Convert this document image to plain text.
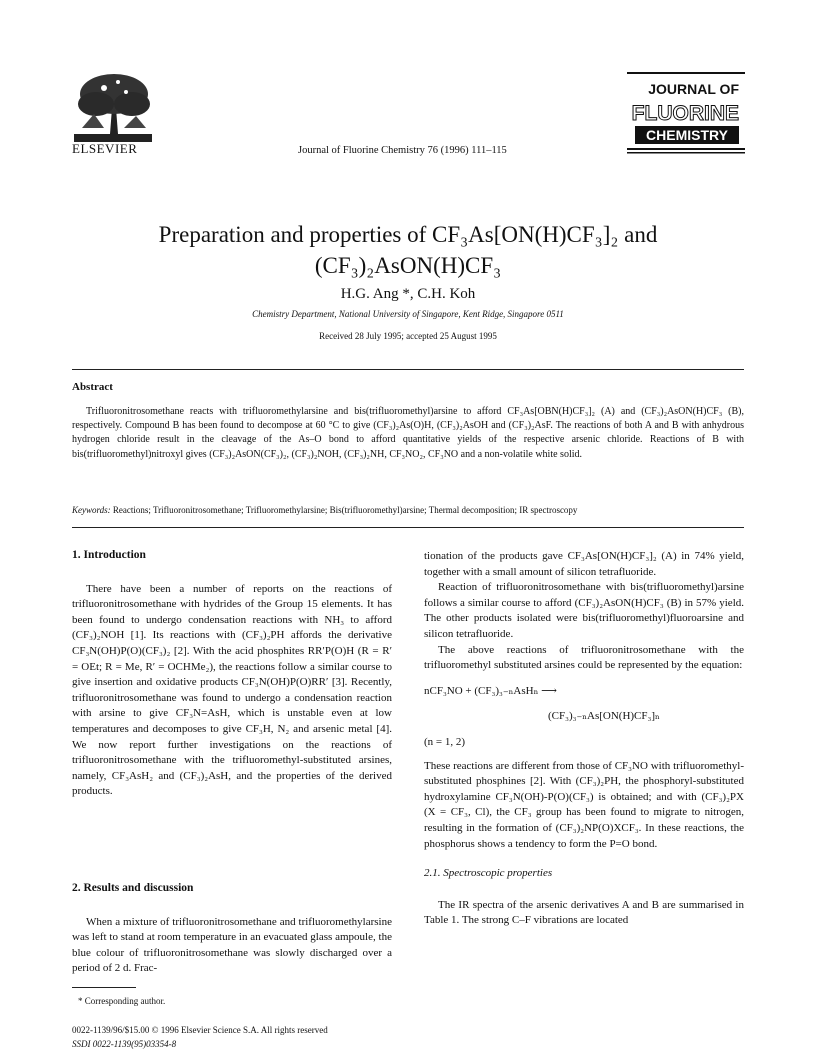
ELSEVIER	Journal of Fluorine Chemistry 76 (1996) 111–115
JOURNAL OF
FLUORINE
CHEMISTRY
Preparation and properties of CF₃As[ON(H)CF₃]₂ and
(CF₃)₂AsON(H)CF₃
H.G. Ang *, C.H. Koh
Chemistry Department, National University of Singapore, Kent Ridge, Singapore 0511
Received 28 July 1995; accepted 25 August 1995
Abstract
Trifluoronitrosomethane reacts with trifluoromethylarsine and bis(trifluoromethyl)arsine to afford CF₃As[OBN(H)CF₃]₂ (A) and (CF₃)₂AsON(H)CF₃ (B), respectively. Compound B has been found to decompose at 60 °C to give (CF₃)₂As(O)H, (CF₃)₂AsOH and (CF₃)₂AsF. The reactions of both A and B with anhydrous hydrogen chloride result in the cleavage of the As–O bond to afford quantitative yields of the respective arsenic chloride. Reactions of B with bis(trifluoromethyl)nitroxyl gives (CF₃)₂AsON(CF₃)₂, (CF₃)₂NOH, (CF₃)₂NH, CF₃NO₂, CF₃NO and a non-volatile white solid.
Keywords: Reactions; Trifluoronitrosomethane; Trifluoromethylarsine; Bis(trifluoromethyl)arsine; Thermal decomposition; IR spectroscopy
1. Introduction

There have been a number of reports on the reactions of trifluoronitrosomethane with hydrides of the Group 15 elements. It has been found to undergo condensation reactions with NH₃ to afford (CF₃)₂NOH [1]. Its reactions with (CF₃)₂PH affords the derivative CF₃N(OH)P(O)(CF₃)₂ [2]. With the acid phosphites RR′P(O)H (R = R′ = OEt; R = Me, R′ = OCHMe₂), the reactions follow a similar course to give insertion and oxidative products CF₃N(OH)P(O)RR′ [3]. Recently, trifluoronitrosomethane was found to undergo a condensation reaction with arsine to give CF₃N=AsH, which is unstable even at low temperatures and decomposes to give CF₃H, N₂ and arsenic metal [4]. We now report further investigations on the reactions of trifluoronitrosomethane with the trifluoromethyl-substituted arsines, namely, CF₃AsH₂ and (CF₃)₂AsH, and the properties of the derived products.

2. Results and discussion

When a mixture of trifluoronitrosomethane and trifluoromethylarsine was left to stand at room temperature in an evacuated glass ampoule, the blue colour of trifluoronitrosomethane was slowly discharged over a period of 2 d. Frac-

* Corresponding author.
0022-1139/96/$15.00 © 1996 Elsevier Science S.A. All rights reserved
SSDI 0022-1139(95)03354-8

tionation of the products gave CF₃As[ON(H)CF₃]₂ (A) in 74% yield, together with a small amount of silicon tetrafluoride.

Reaction of trifluoronitrosomethane with bis(trifluoromethyl)arsine follows a similar course to afford (CF₃)₂AsON(H)CF₃ (B) in 57% yield. The other products isolated were bis(trifluoromethyl)fluoroarsine and silicon tetrafluoride.

The above reactions of trifluoronitrosomethane with the trifluoromethyl substituted arsines could be represented by the equation:

nCF₃NO + (CF₃)₃₋ₙAsHₙ ⟶
(CF₃)₃₋ₙAs[ON(H)CF₃]ₙ
(n = 1, 2)

These reactions are different from those of CF₃NO with trifluoromethyl-substituted phosphines [2]. With (CF₃)₂PH, the phosphoryl-substituted hydroxylamine CF₃N(OH)-P(O)(CF₃) is obtained; and with (CF₃)₂PX (X = CF₃, Cl), the CF₃ group has been found to migrate to nitrogen, resulting in the formation of (CF₃)₂NP(O)XCF₃. In these reactions, the phosphorus shows a tendency to form the P=O bond.

2.1. Spectroscopic properties

The IR spectra of the arsenic derivatives A and B are summarised in Table 1. The strong C–F vibrations are located
